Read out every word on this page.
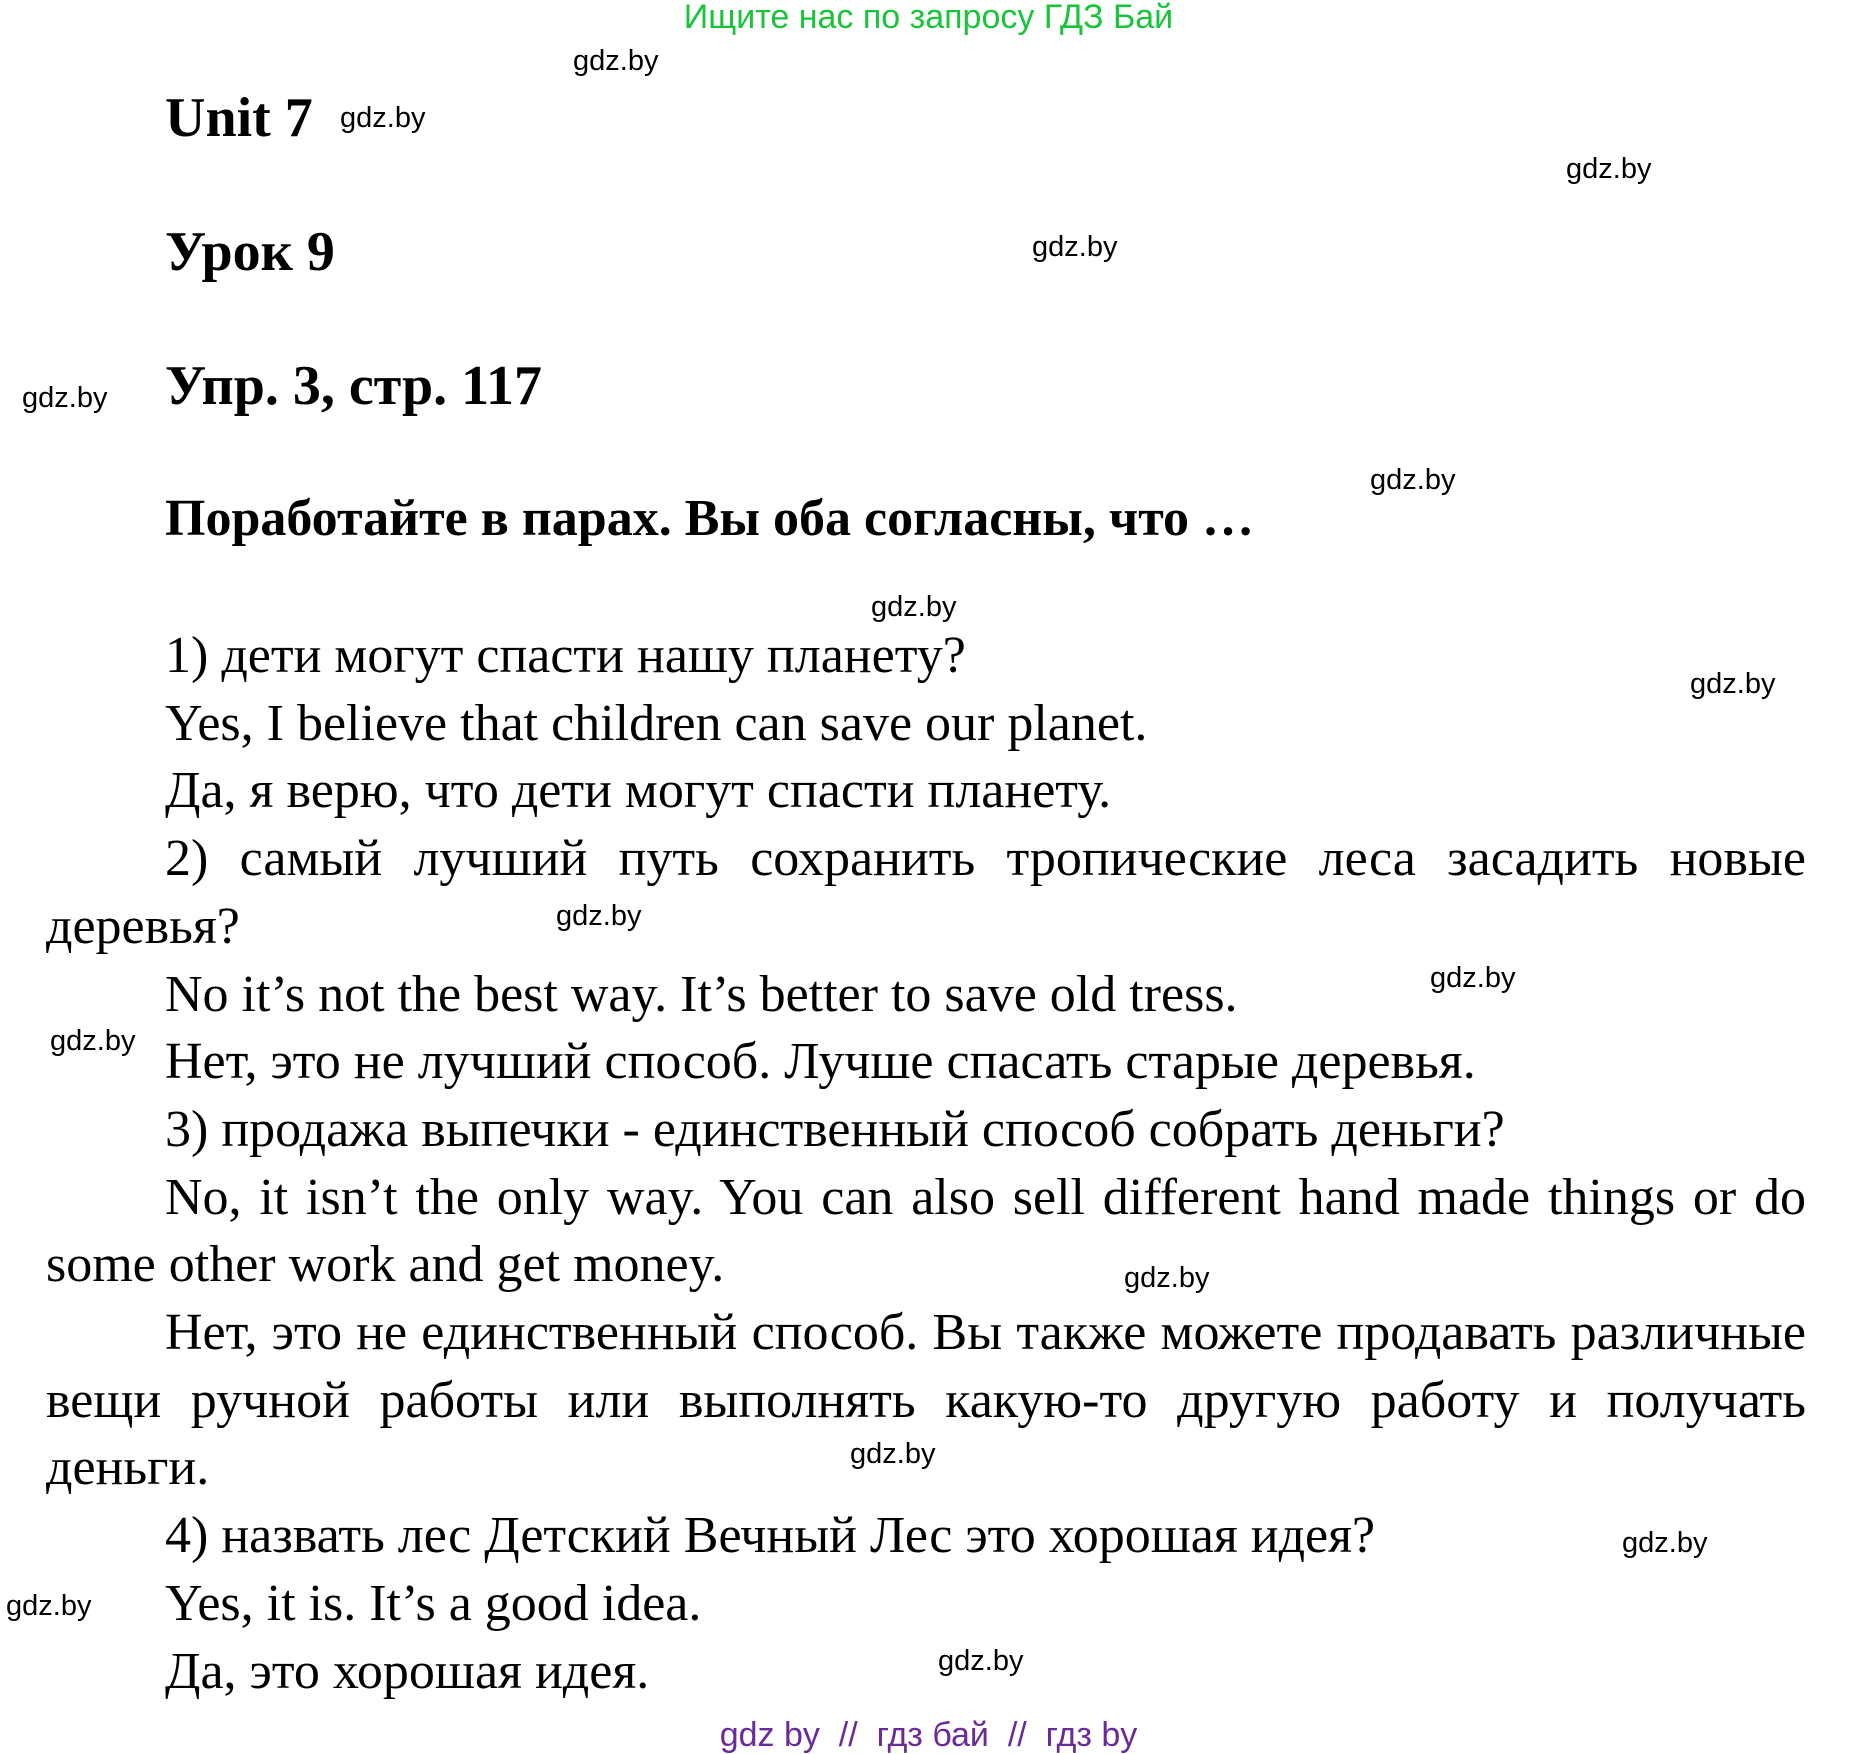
Ищите нас по запросу ГДЗ Бай
Unit 7
Урок 9
Упр. 3, стр. 117
Поработайте в парах. Вы оба согласны, что …

1) дети могут спасти нашу планету?

Yes, I believe that children can save our planet.

Да, я верю, что дети могут спасти планету.

2) самый лучший путь сохранить тропические леса засадить новые деревья?

No it’s not the best way. It’s better to save old tress.

Нет, это не лучший способ. Лучше спасать старые деревья.

3) продажа выпечки - единственный способ собрать деньги?

No, it isn’t the only way. You can also sell different hand made things or do some other work and get money.

Нет, это не единственный способ. Вы также можете продавать различные вещи ручной работы или выполнять какую-то другую работу и получать деньги.

4) назвать лес Детский Вечный Лес это хорошая идея?

Yes, it is. It’s a good idea.

Да, это хорошая идея.

gdz.by
gdz.by
gdz.by
gdz.by
gdz.by
gdz.by
gdz.by
gdz.by
gdz.by
gdz.by
gdz.by
gdz.by
gdz.by
gdz.by
gdz.by
gdz.by
gdz by  //  гдз бай  //  гдз by
